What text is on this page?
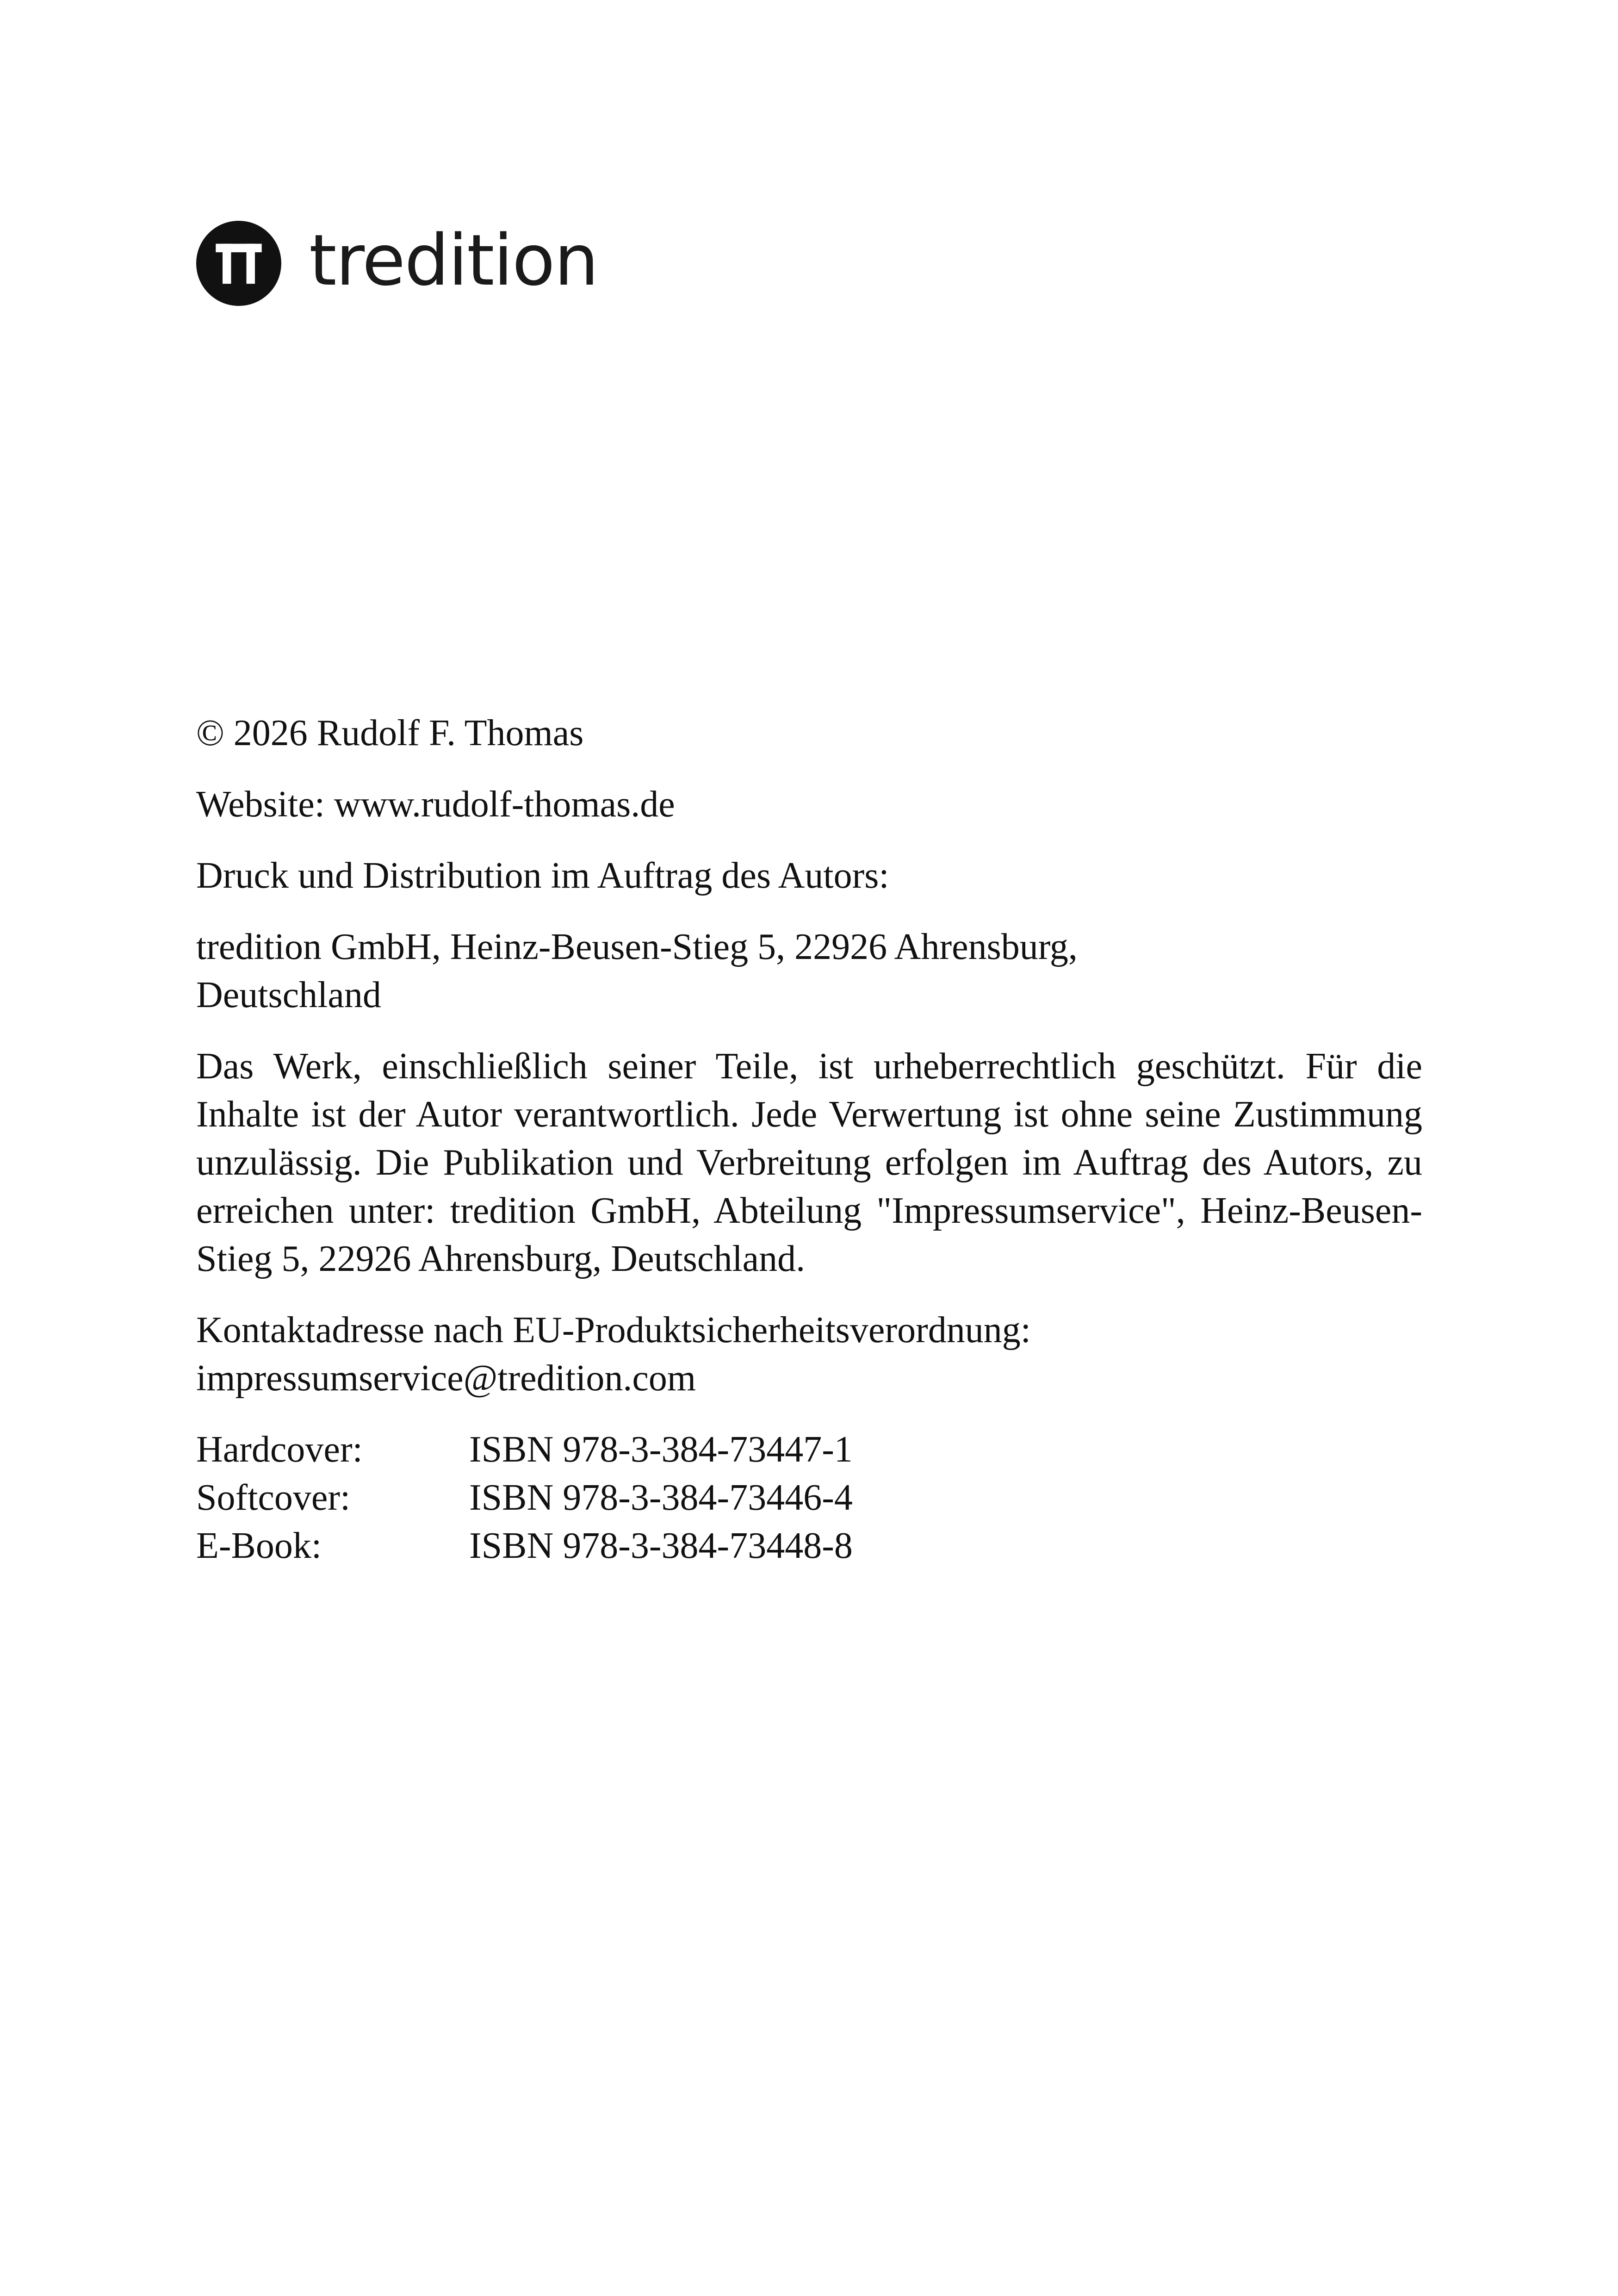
tredition

© 2026 Rudolf F. Thomas

Website: www.rudolf-thomas.de

Druck und Distribution im Auftrag des Autors:

tredition GmbH, Heinz-Beusen-Stieg 5, 22926 Ahrensburg,
Deutschland

Das Werk, einschließlich seiner Teile, ist urheberrechtlich geschützt. Für die Inhalte ist der Autor verantwortlich. Jede Verwertung ist ohne seine Zustimmung unzulässig. Die Publikation und Verbreitung erfolgen im Auftrag des Autors, zu erreichen unter: tredition GmbH, Abteilung "Impressumservice", Heinz-Beusen-Stieg 5, 22926 Ahrensburg, Deutschland.

Kontaktadresse nach EU-Produktsicherheitsverordnung:
impressumservice@tredition.com

Hardcover:	ISBN 978-3-384-73447-1
Softcover:	ISBN 978-3-384-73446-4
E-Book:	ISBN 978-3-384-73448-8
